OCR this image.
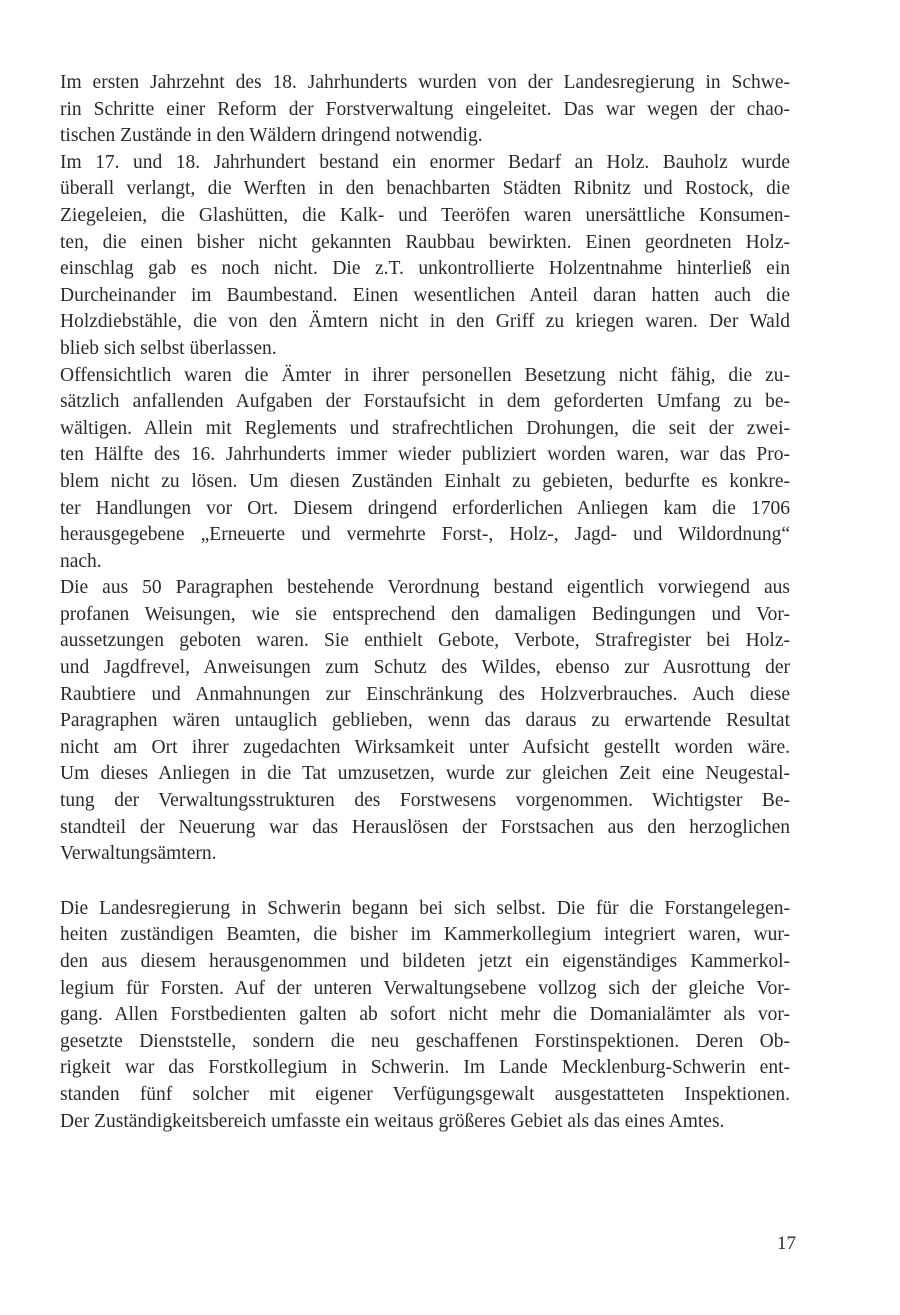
Im ersten Jahrzehnt des 18. Jahrhunderts wurden von der Landesregierung in Schwe-
rin Schritte einer Reform der Forstverwaltung eingeleitet. Das war wegen der chao-
tischen Zustände in den Wäldern dringend notwendig.
Im 17. und 18. Jahrhundert bestand ein enormer Bedarf an Holz. Bauholz wurde
überall verlangt, die Werften in den benachbarten Städten Ribnitz und Rostock, die
Ziegeleien, die Glashütten, die Kalk- und Teeröfen waren unersättliche Konsumen-
ten, die einen bisher nicht gekannten Raubbau bewirkten. Einen geordneten Holz-
einschlag gab es noch nicht. Die z.T. unkontrollierte Holzentnahme hinterließ ein
Durcheinander im Baumbestand. Einen wesentlichen Anteil daran hatten auch die
Holzdiebstähle, die von den Ämtern nicht in den Griff zu kriegen waren. Der Wald
blieb sich selbst überlassen.
Offensichtlich waren die Ämter in ihrer personellen Besetzung nicht fähig, die zu-
sätzlich anfallenden Aufgaben der Forstaufsicht in dem geforderten Umfang zu be-
wältigen. Allein mit Reglements und strafrechtlichen Drohungen, die seit der zwei-
ten Hälfte des 16. Jahrhunderts immer wieder publiziert worden waren, war das Pro-
blem nicht zu lösen. Um diesen Zuständen Einhalt zu gebieten, bedurfte es konkre-
ter Handlungen vor Ort. Diesem dringend erforderlichen Anliegen kam die 1706
herausgegebene „Erneuerte und vermehrte Forst-, Holz-, Jagd- und Wildordnung“
nach.
Die aus 50 Paragraphen bestehende Verordnung bestand eigentlich vorwiegend aus
profanen Weisungen, wie sie entsprechend den damaligen Bedingungen und Vor-
aussetzungen geboten waren. Sie enthielt Gebote, Verbote, Strafregister bei Holz-
und Jagdfrevel, Anweisungen zum Schutz des Wildes, ebenso zur Ausrottung der
Raubtiere und Anmahnungen zur Einschränkung des Holzverbrauches. Auch diese
Paragraphen wären untauglich geblieben, wenn das daraus zu erwartende Resultat
nicht am Ort ihrer zugedachten Wirksamkeit unter Aufsicht gestellt worden wäre.
Um dieses Anliegen in die Tat umzusetzen, wurde zur gleichen Zeit eine Neugestal-
tung der Verwaltungsstrukturen des Forstwesens vorgenommen. Wichtigster Be-
standteil der Neuerung war das Herauslösen der Forstsachen aus den herzoglichen
Verwaltungsämtern.
Die Landesregierung in Schwerin begann bei sich selbst. Die für die Forstangelegen-
heiten zuständigen Beamten, die bisher im Kammerkollegium integriert waren, wur-
den aus diesem herausgenommen und bildeten jetzt ein eigenständiges Kammerkol-
legium für Forsten. Auf der unteren Verwaltungsebene vollzog sich der gleiche Vor-
gang. Allen Forstbedienten galten ab sofort nicht mehr die Domanialämter als vor-
gesetzte Dienststelle, sondern die neu geschaffenen Forstinspektionen. Deren Ob-
rigkeit war das Forstkollegium in Schwerin. Im Lande Mecklenburg-Schwerin ent-
standen fünf solcher mit eigener Verfügungsgewalt ausgestatteten Inspektionen.
Der Zuständigkeitsbereich umfasste ein weitaus größeres Gebiet als das eines Amtes.
17
